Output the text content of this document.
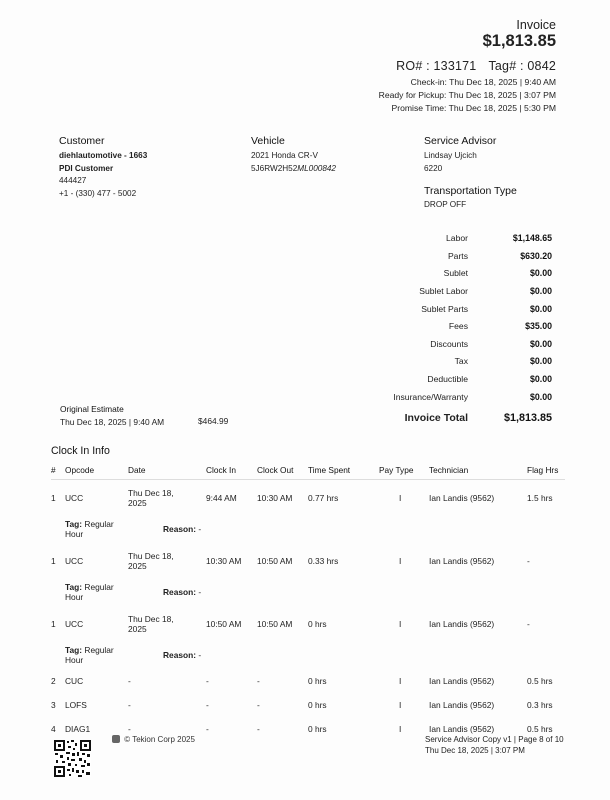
Invoice
$1,813.85
RO# : 133171 Tag# : 0842
Check-in: Thu Dec 18, 2025 | 9:40 AM
Ready for Pickup: Thu Dec 18, 2025 | 3:07 PM
Promise Time: Thu Dec 18, 2025 | 5:30 PM
Customer
diehlautomotive - 1663
PDI Customer
444427
+1 - (330) 477 - 5002
Vehicle
2021 Honda CR-V
5J6RW2H52ML000842
Service Advisor
Lindsay Ujcich
6220
Transportation Type
DROP OFF
Labor	$1,148.65
Parts	$630.20
Sublet	$0.00
Sublet Labor	$0.00
Sublet Parts	$0.00
Fees	$35.00
Discounts	$0.00
Tax	$0.00
Deductible	$0.00
Insurance/Warranty	$0.00
Invoice Total	$1,813.85
Original Estimate
Thu Dec 18, 2025 | 9:40 AM	$464.99
Clock In Info
#	Opcode	Date	Clock In	Clock Out	Time Spent	Pay Type	Technician	Flag Hrs
1	UCC	Thu Dec 18, 2025	9:44 AM	10:30 AM	0.77 hrs	I	Ian Landis (9562)	1.5 hrs
Tag: Regular Hour		Reason: -						
1	UCC	Thu Dec 18, 2025	10:30 AM	10:50 AM	0.33 hrs	I	Ian Landis (9562)	-
Tag: Regular Hour		Reason: -						
1	UCC	Thu Dec 18, 2025	10:50 AM	10:50 AM	0 hrs	I	Ian Landis (9562)	-
Tag: Regular Hour		Reason: -						
2	CUC	-	-	-	0 hrs	I	Ian Landis (9562)	0.5 hrs
3	LOFS	-	-	-	0 hrs	I	Ian Landis (9562)	0.3 hrs
4	DIAG1	-	-	-	0 hrs	I	Ian Landis (9562)	0.5 hrs
© Tekion Corp 2025	Service Advisor Copy v1 | Page 8 of 10
Thu Dec 18, 2025 | 3:07 PM
